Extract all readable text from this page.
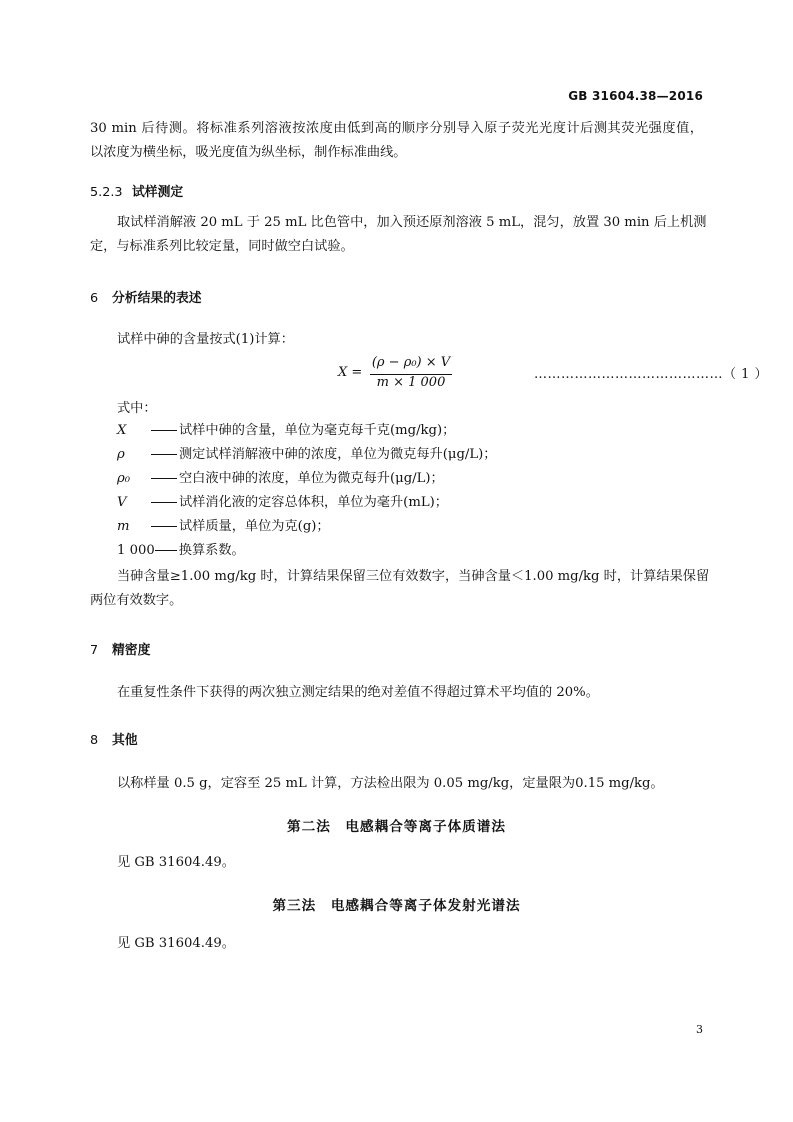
GB 31604.38—2016
30 min 后待测。将标准系列溶液按浓度由低到高的顺序分别导入原子荧光光度计后测其荧光强度值，
以浓度为横坐标，吸光度值为纵坐标，制作标准曲线。
5.2.3 试样测定
取试样消解液 20 mL 于 25 mL 比色管中，加入预还原剂溶液 5 mL，混匀，放置 30 min 后上机测
定，与标准系列比较定量，同时做空白试验。
6 分析结果的表述
试样中砷的含量按式(1)计算：
X =
(ρ − ρ₀) × V
m × 1 000
……………………………………（ 1 ）
式中：
X	试样中砷的含量，单位为毫克每千克(mg/kg)；
ρ	测定试样消解液中砷的浓度，单位为微克每升(μg/L)；
ρ₀	空白液中砷的浓度，单位为微克每升(μg/L)；
V	试样消化液的定容总体积，单位为毫升(mL)；
m	试样质量，单位为克(g)；
1 000 换算系数。
当砷含量≥1.00 mg/kg 时，计算结果保留三位有效数字，当砷含量＜1.00 mg/kg 时，计算结果保留
两位有效数字。
7 精密度
在重复性条件下获得的两次独立测定结果的绝对差值不得超过算术平均值的 20%。
8 其他
以称样量 0.5 g，定容至 25 mL 计算，方法检出限为 0.05 mg/kg，定量限为0.15 mg/kg。
第二法　电感耦合等离子体质谱法
见 GB 31604.49。
第三法　电感耦合等离子体发射光谱法
见 GB 31604.49。
3
